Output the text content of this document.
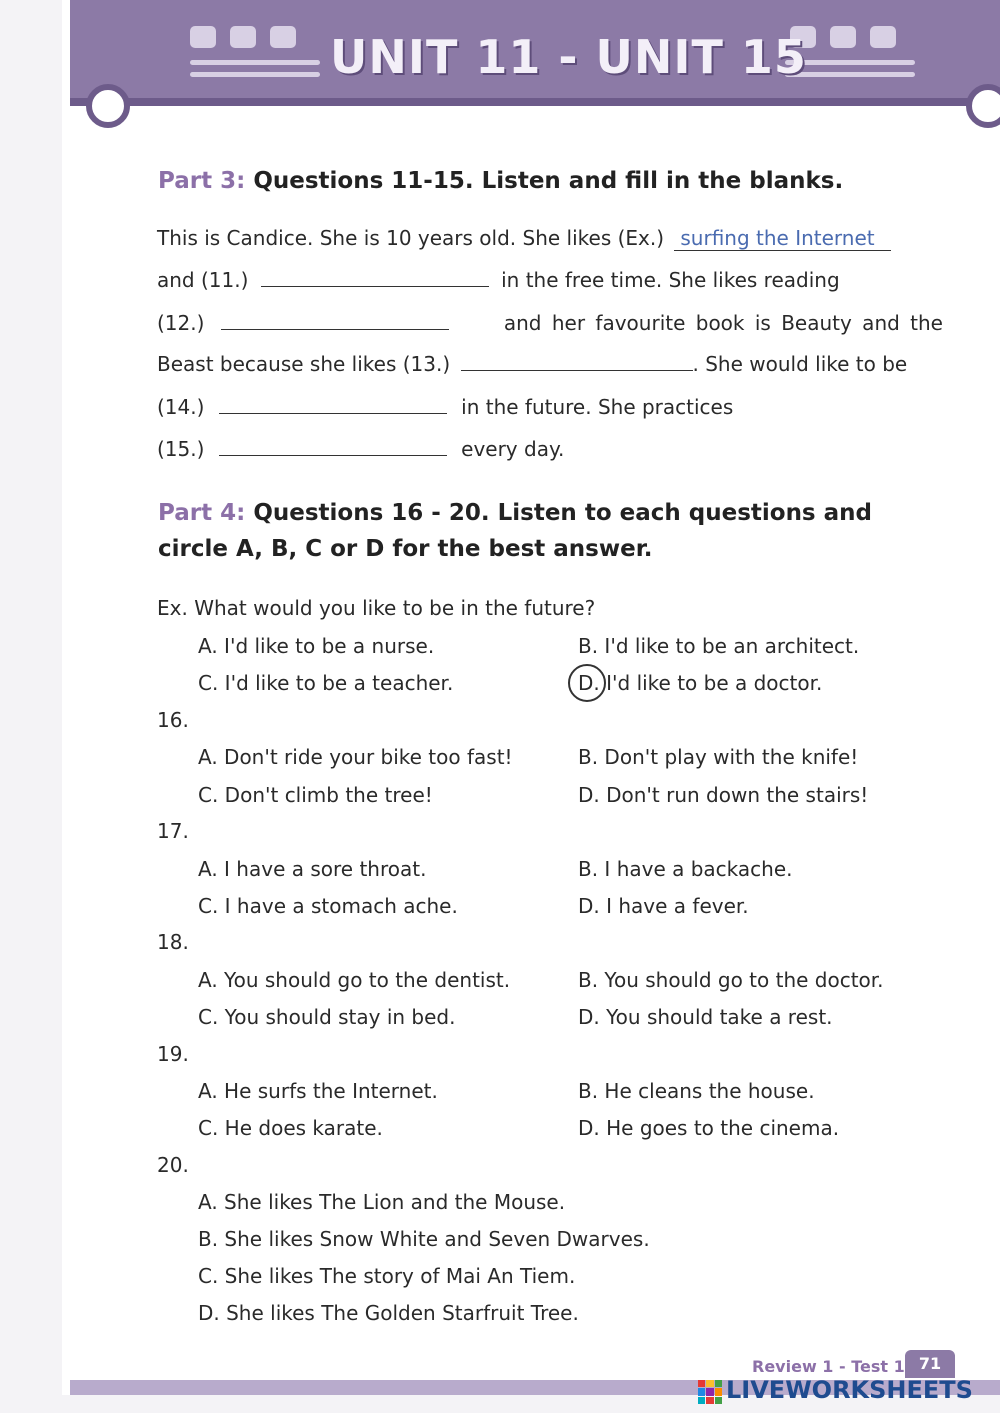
UNIT 11 - UNIT 15
Part 3: Questions 11-15. Listen and fill in the blanks.
This is Candice. She is 10 years old. She likes (Ex.) surfing the Internet
and (11.)	in the free time. She likes reading
(12.)	and her favourite book is Beauty and the
Beast because she likes (13.)	. She would like to be
(14.)	in the future. She practices
(15.)	every day.
Part 4: Questions 16 - 20. Listen to each questions and
circle A, B, C or D for the best answer.
Ex. What would you like to be in the future?
A. I'd like to be a nurse.	B. I'd like to be an architect.
C. I'd like to be a teacher.	D. I'd like to be a doctor.
16.
A. Don't ride your bike too fast!	B. Don't play with the knife!
C. Don't climb the tree!	D. Don't run down the stairs!
17.
A. I have a sore throat.	B. I have a backache.
C. I have a stomach ache.	D. I have a fever.
18.
A. You should go to the dentist.	B. You should go to the doctor.
C. You should stay in bed.	D. You should take a rest.
19.
A. He surfs the Internet.	B. He cleans the house.
C. He does karate.	D. He goes to the cinema.
20.
A. She likes The Lion and the Mouse.
B. She likes Snow White and Seven Dwarves.
C. She likes The story of Mai An Tiem.
D. She likes The Golden Starfruit Tree.
Review 1 - Test 1 71
LIVEWORKSHEETS
